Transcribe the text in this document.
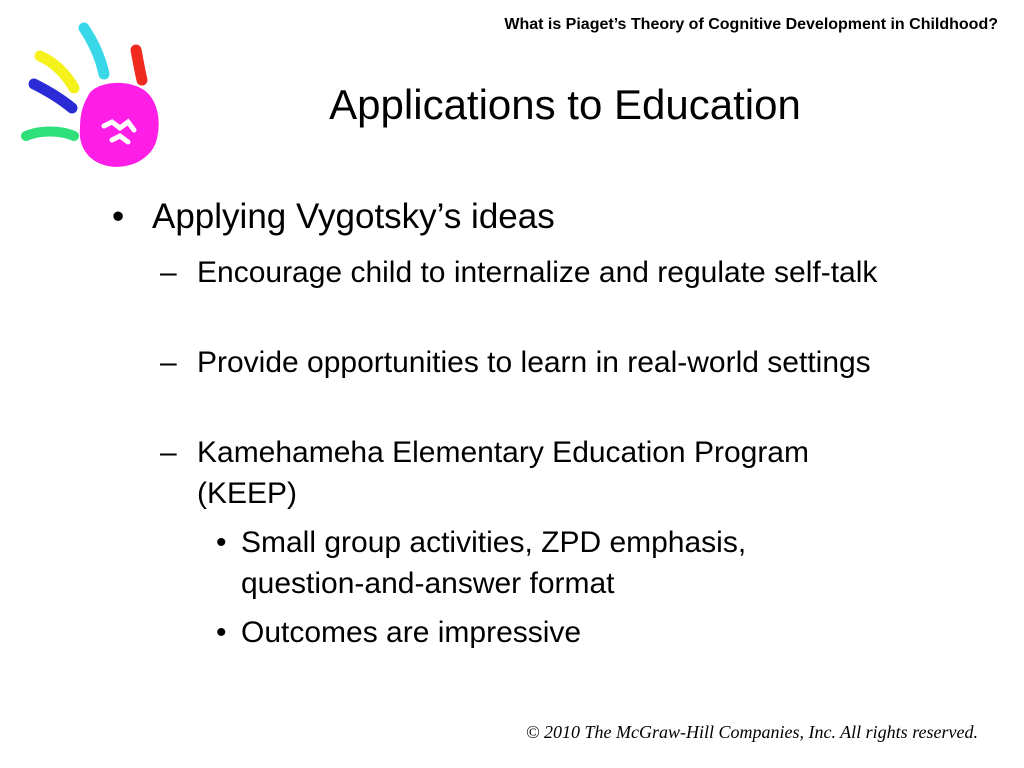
What is Piaget’s Theory of Cognitive Development in Childhood?
Applications to Education
• Applying Vygotsky’s ideas
– Encourage child to internalize and regulate self-talk
– Provide opportunities to learn in real-world settings
– Kamehameha Elementary Education Program (KEEP)
• Small group activities, ZPD emphasis, question-and-answer format
• Outcomes are impressive
© 2010 The McGraw-Hill Companies, Inc. All rights reserved.
